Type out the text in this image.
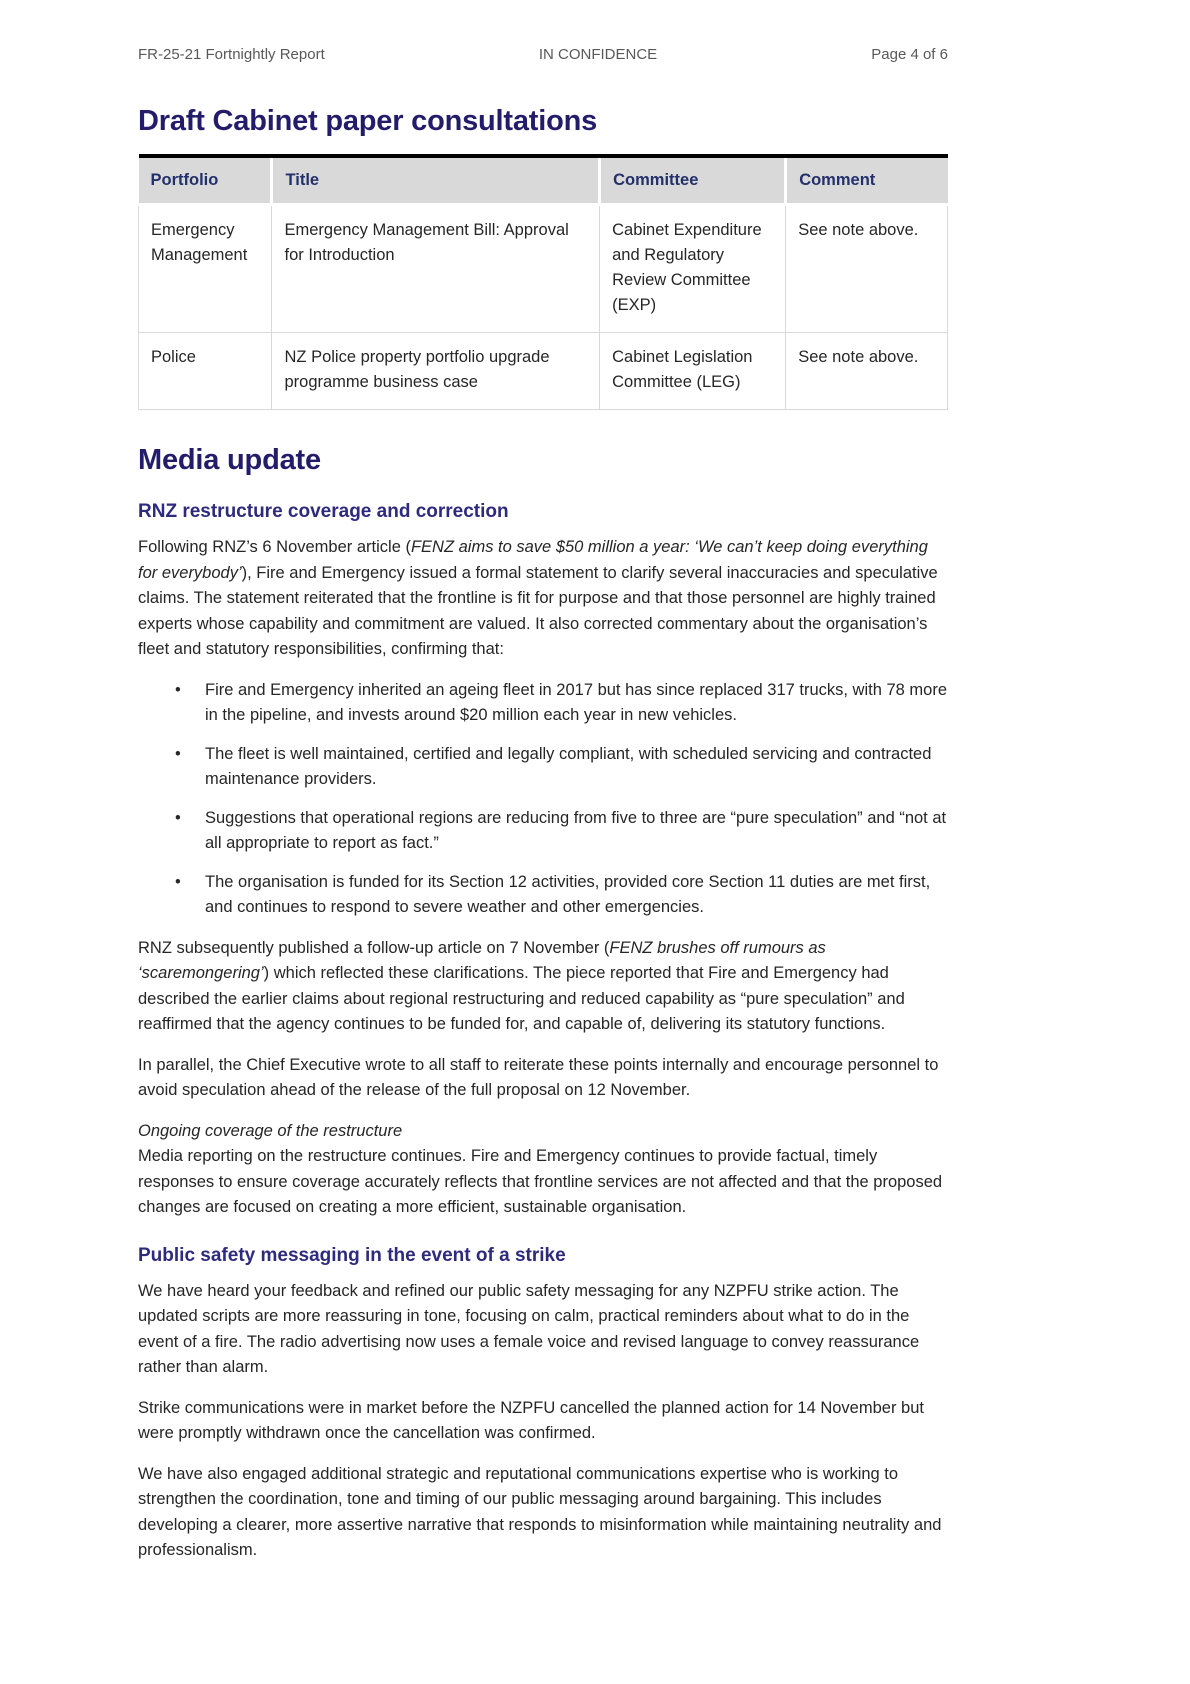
FR-25-21 Fortnightly Report	IN CONFIDENCE	Page 4 of 6
Draft Cabinet paper consultations
Portfolio	Title	Committee	Comment
Emergency Management	Emergency Management Bill: Approval for Introduction	Cabinet Expenditure and Regulatory Review Committee (EXP)	See note above.
Police	NZ Police property portfolio upgrade programme business case	Cabinet Legislation Committee (LEG)	See note above.
Media update
RNZ restructure coverage and correction

Following RNZ’s 6 November article (FENZ aims to save $50 million a year: ‘We can’t keep doing everything for everybody’), Fire and Emergency issued a formal statement to clarify several inaccuracies and speculative claims. The statement reiterated that the frontline is fit for purpose and that those personnel are highly trained experts whose capability and commitment are valued. It also corrected commentary about the organisation’s fleet and statutory responsibilities, confirming that:

• Fire and Emergency inherited an ageing fleet in 2017 but has since replaced 317 trucks, with 78 more in the pipeline, and invests around $20 million each year in new vehicles.
• The fleet is well maintained, certified and legally compliant, with scheduled servicing and contracted maintenance providers.
• Suggestions that operational regions are reducing from five to three are “pure speculation” and “not at all appropriate to report as fact.”
• The organisation is funded for its Section 12 activities, provided core Section 11 duties are met first, and continues to respond to severe weather and other emergencies.

RNZ subsequently published a follow-up article on 7 November (FENZ brushes off rumours as ‘scaremongering’) which reflected these clarifications. The piece reported that Fire and Emergency had described the earlier claims about regional restructuring and reduced capability as “pure speculation” and reaffirmed that the agency continues to be funded for, and capable of, delivering its statutory functions.

In parallel, the Chief Executive wrote to all staff to reiterate these points internally and encourage personnel to avoid speculation ahead of the release of the full proposal on 12 November.

Ongoing coverage of the restructure

Media reporting on the restructure continues. Fire and Emergency continues to provide factual, timely responses to ensure coverage accurately reflects that frontline services are not affected and that the proposed changes are focused on creating a more efficient, sustainable organisation.

Public safety messaging in the event of a strike

We have heard your feedback and refined our public safety messaging for any NZPFU strike action. The updated scripts are more reassuring in tone, focusing on calm, practical reminders about what to do in the event of a fire. The radio advertising now uses a female voice and revised language to convey reassurance rather than alarm.

Strike communications were in market before the NZPFU cancelled the planned action for 14 November but were promptly withdrawn once the cancellation was confirmed.

We have also engaged additional strategic and reputational communications expertise who is working to strengthen the coordination, tone and timing of our public messaging around bargaining. This includes developing a clearer, more assertive narrative that responds to misinformation while maintaining neutrality and professionalism.
